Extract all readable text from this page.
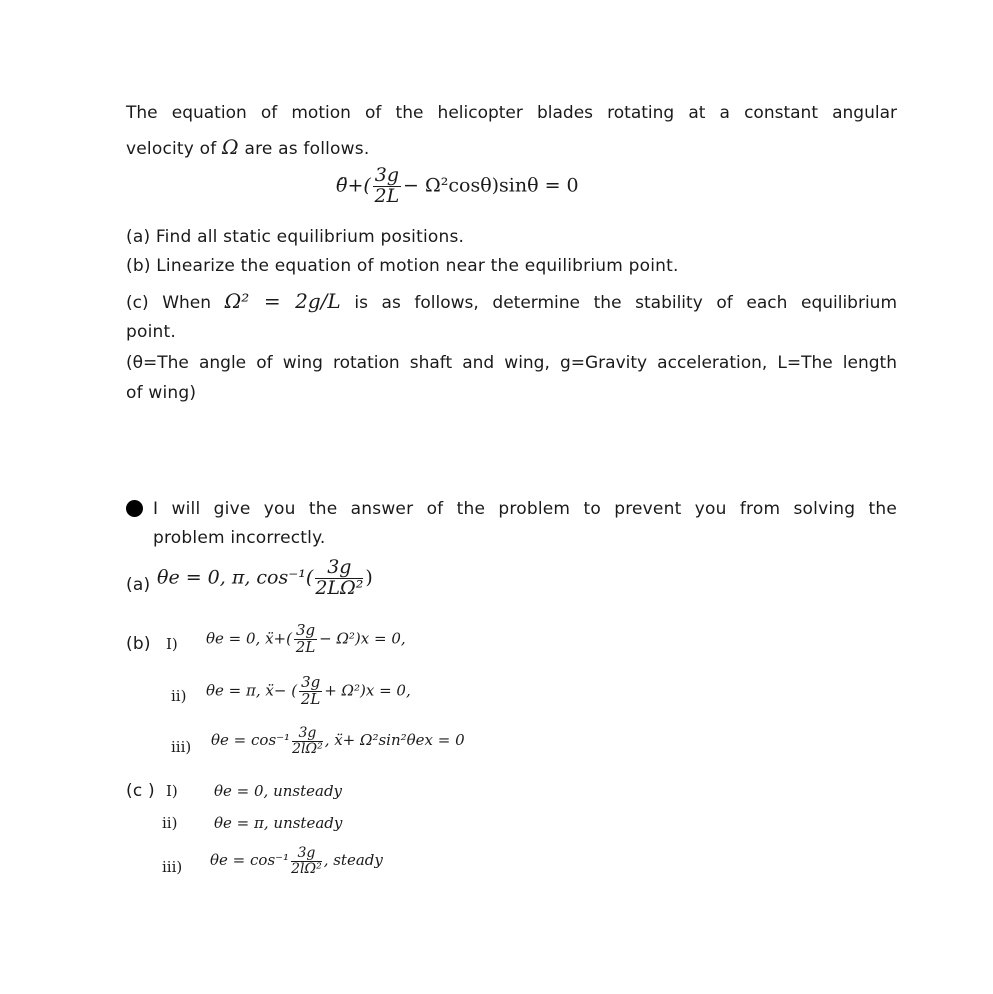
The equation of motion of the helicopter blades rotating at a constant angular
velocity of Ω are as follows.
θ̈+( $\frac{3g}{2L} - \Omega^2\cos\theta)\sin\theta = 0$
(a) Find all static equilibrium positions.
(b) Linearize the equation of motion near the equilibrium point.
(c) When Ω² = 2g/L is as follows, determine the stability of each equilibrium
point.
(θ=The angle of wing rotation shaft and wing, g=Gravity acceleration, L=The length
of wing)
I will give you the answer of the problem to prevent you from solving the
problem incorrectly.
(a) θe = 0, π, $\cos^{-1}( \frac{3g}{\text{2LΩ²}}$ )
(b) I) θe = 0, ẍ+( $\frac{3g}{2L} - \Omega^2)x = 0$,
ii) θe = π, ẍ− ( $\frac{3g}{2L} + \Omega^2)x = 0$,
iii) $\theta e = \cos^{-1} \frac{3g}{\text{2lΩ²}}$ , ẍ+ Ω²sin²θex = 0
(c ) I) θe = 0, unsteady
ii) θe = π, unsteady
iii) $\theta e = \cos^{-1} \frac{3g}{\text{2lΩ²}}$ , steady
